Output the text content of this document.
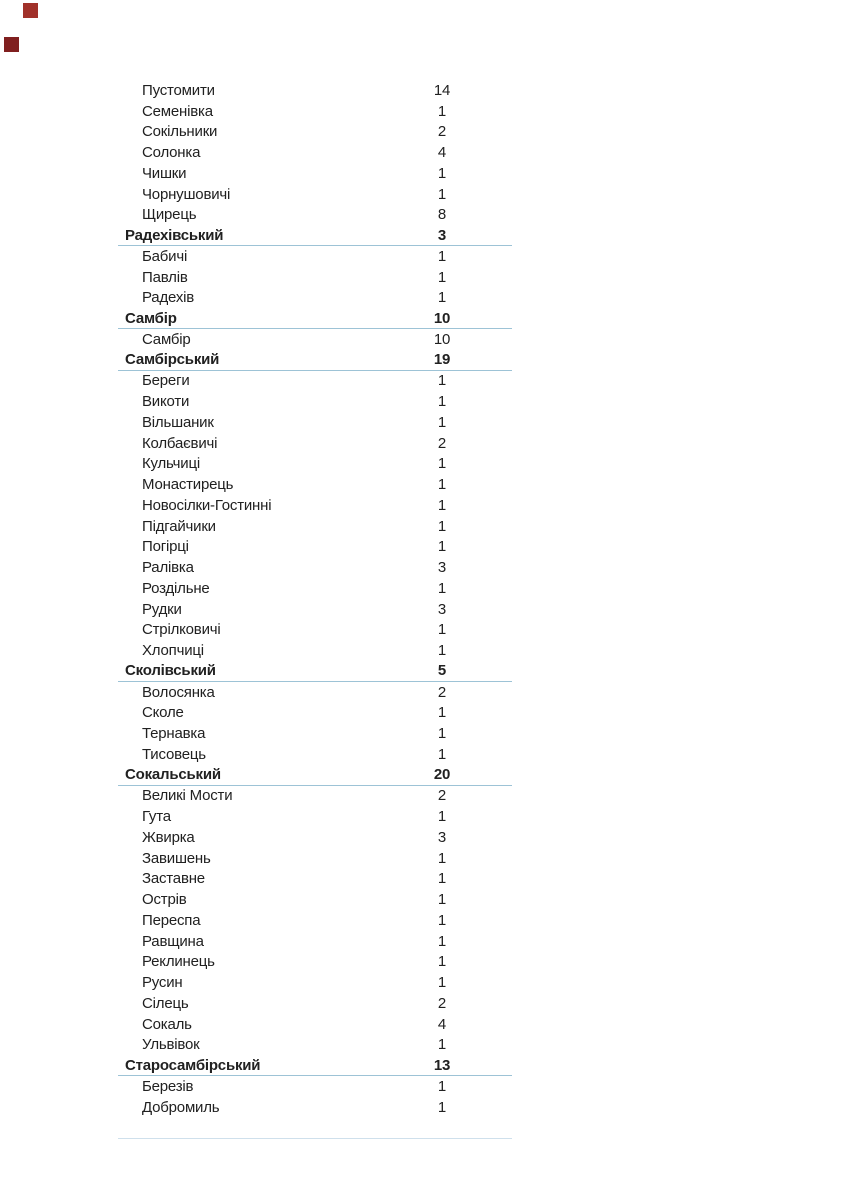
Пустомити	14
Семенівка	1
Сокільники	2
Солонка	4
Чишки	1
Чорнушовичі	1
Щирець	8
Радехівський	3
Бабичі	1
Павлів	1
Радехів	1
Самбір	10
Самбір	10
Самбірський	19
Береги	1
Викоти	1
Вільшаник	1
Колбаєвичі	2
Кульчиці	1
Монастирець	1
Новосілки-Гостинні	1
Підгайчики	1
Погірці	1
Ралівка	3
Роздільне	1
Рудки	3
Стрілковичі	1
Хлопчиці	1
Сколівський	5
Волосянка	2
Сколе	1
Тернавка	1
Тисовець	1
Сокальський	20
Великі Мости	2
Гута	1
Жвирка	3
Завишень	1
Заставне	1
Острів	1
Переспа	1
Равщина	1
Реклинець	1
Русин	1
Сілець	2
Сокаль	4
Ульвівок	1
Старосамбірський	13
Березів	1
Добромиль	1
